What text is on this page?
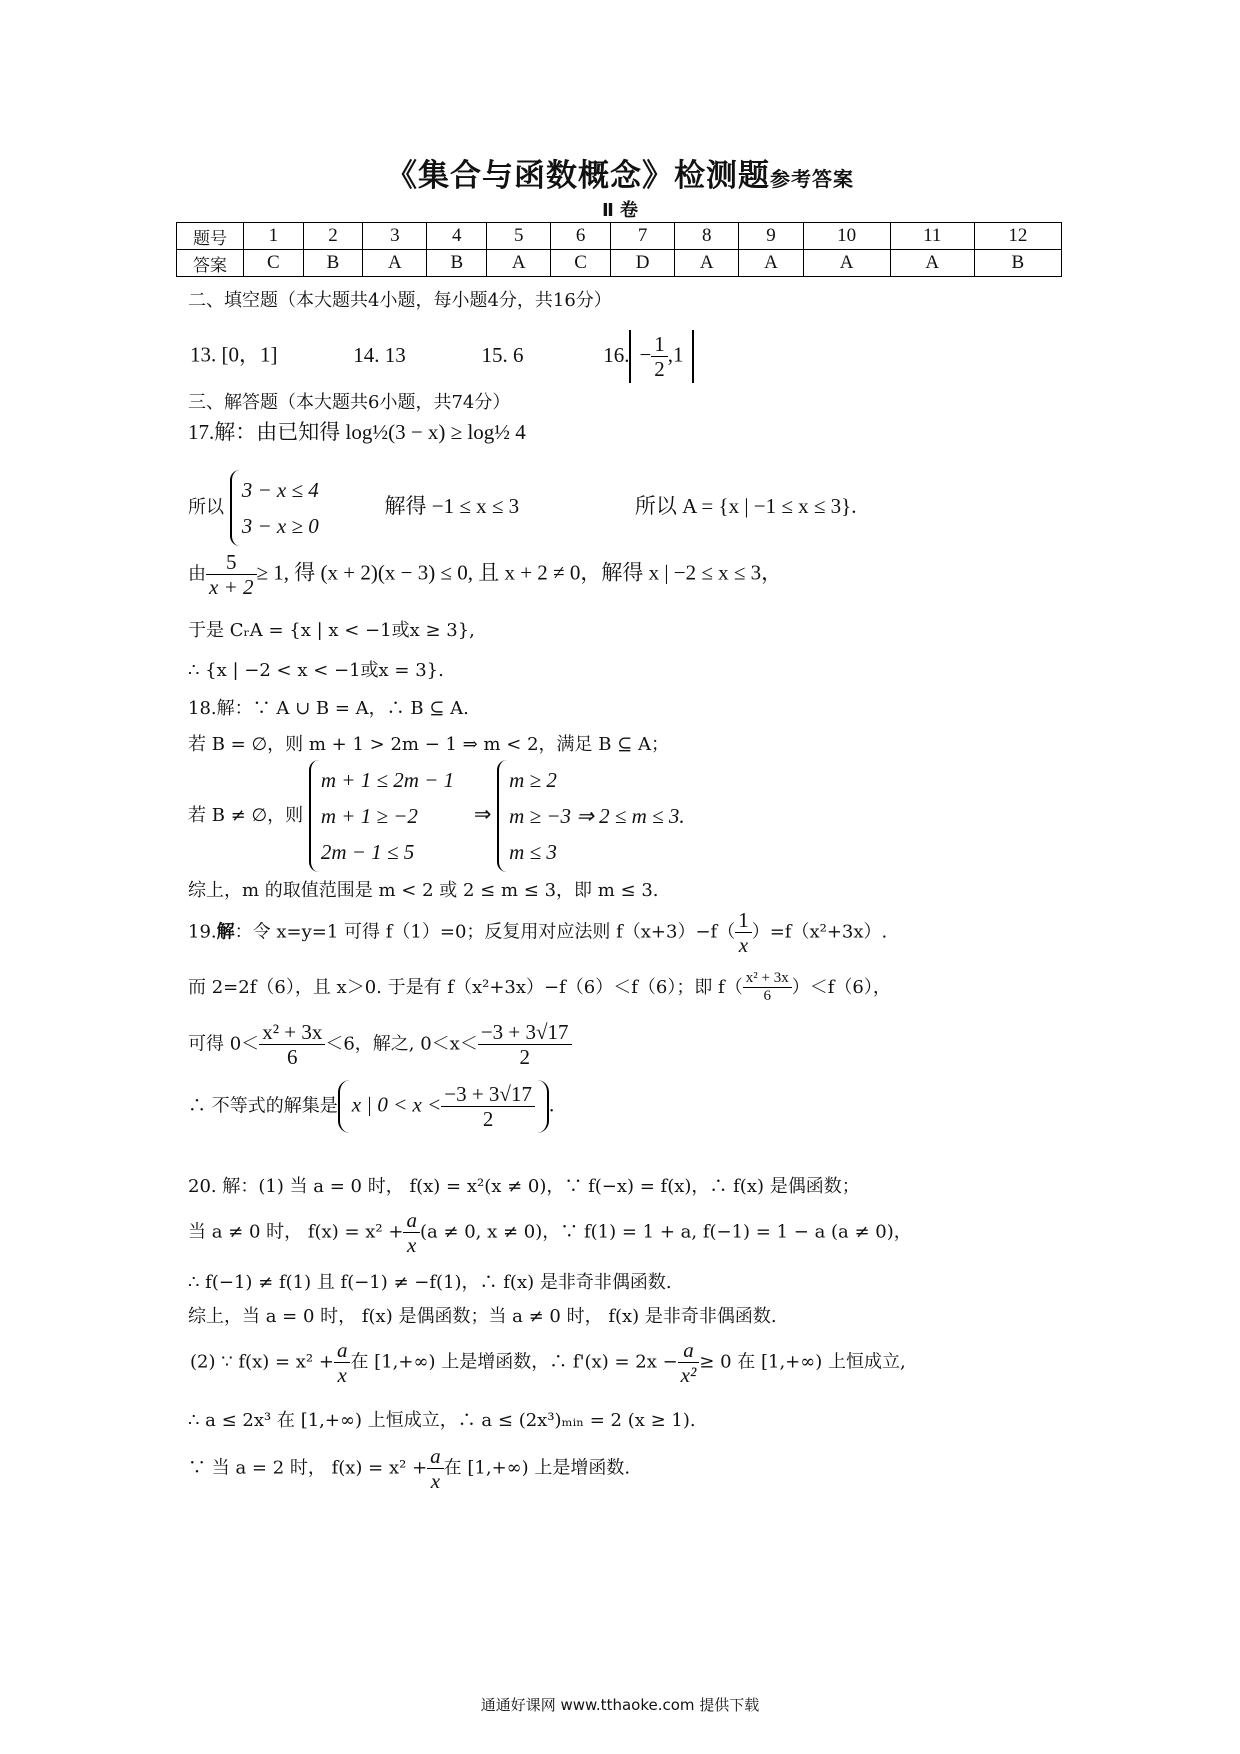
《集合与函数概念》检测题参考答案
Ⅱ 卷
题号	1	2	3	4	5	6	7	8	9	10	11	12
答案	C	B	A	B	A	C	D	A	A	A	A	B
二、填空题（本大题共4小题，每小题4分，共16分）
13. [0，1]	14. 13	15. 6	16. − $\frac{1}{2} ,1$
三、解答题（本大题共6小题，共74分）
17.解：由已知得 log½(3 − x) ≥ log½ 4
所以
3 − x ≤ 4
3 − x ≥ 0
解得 −1 ≤ x ≤ 3	所以 A = {x | −1 ≤ x ≤ 3}.
由 $\frac{5}{x + 2} \ge 1$, 得 (x + 2)(x − 3) ≤ 0, 且 x + 2 ≠ 0，解得 x | −2 ≤ x ≤ 3，
于是 CᵣA = {x | x < −1或x ≥ 3},
∴ {x | −2 < x < −1或x = 3}.
18.解：∵ A ∪ B = A，∴ B ⊆ A.
若 B = ∅，则 m + 1 > 2m − 1 ⇒ m < 2，满足 B ⊆ A；
若 B ≠ ∅，则
m + 1 ≤ 2m − 1
m + 1 ≥ −2
2m − 1 ≤ 5
⇒
m ≥ 2
m ≥ −3 ⇒ 2 ≤ m ≤ 3.
m ≤ 3
综上，m 的取值范围是 m < 2 或 2 ≤ m ≤ 3，即 m ≤ 3.
19.解：令 x=y=1 可得 f（1）=0；反复用对应法则 $f(x+3)-f( \frac{1}{x} )=f(x^2+3x)$.
而 2=2f（6），且 x＞0. 于是有 f（x²+3x）−f（6）＜f（6）；即 $f( \frac{\text{x² + 3x}}{6} )<f(6)$，
可得 $0< \frac{\text{x² + 3x}}{6} <6$，解之, $0<x< \frac{-3 + 3√17}{2}$
∴ 不等式的解集是 x | $0 < x < \frac{-3 + 3√17}{2}$ .
20. 解：(1) 当 a = 0 时， f(x) = x²(x ≠ 0)，∵ f(−x) = f(x)，∴ f(x) 是偶函数；
当 a ≠ 0 时， $f(x) = x^2 + \frac{a}{x} (a \ne 0$, x ≠ 0)，∵ f(1) = 1 + a, f(−1) = 1 − a (a ≠ 0)，
∴ f(−1) ≠ f(1) 且 f(−1) ≠ −f(1)，∴ f(x) 是非奇非偶函数.
综上，当 a = 0 时， f(x) 是偶函数；当 a ≠ 0 时， f(x) 是非奇非偶函数.
(2) ∵ $f(x) = x^2 + \frac{a}{x}$ 在 [1,+∞) 上是增函数，∴ $f'(x) = 2x - \frac{a}{\text{x²}} \ge 0$ 在 [1,+∞) 上恒成立,
∴ a ≤ 2x³ 在 [1,+∞) 上恒成立，∴ a ≤ (2x³)ₘᵢₙ = 2 (x ≥ 1).
∵ 当 a = 2 时， $f(x) = x^2 + \frac{a}{x}$ 在 [1,+∞) 上是增函数.
通通好课网 www.tthaoke.com 提供下载
